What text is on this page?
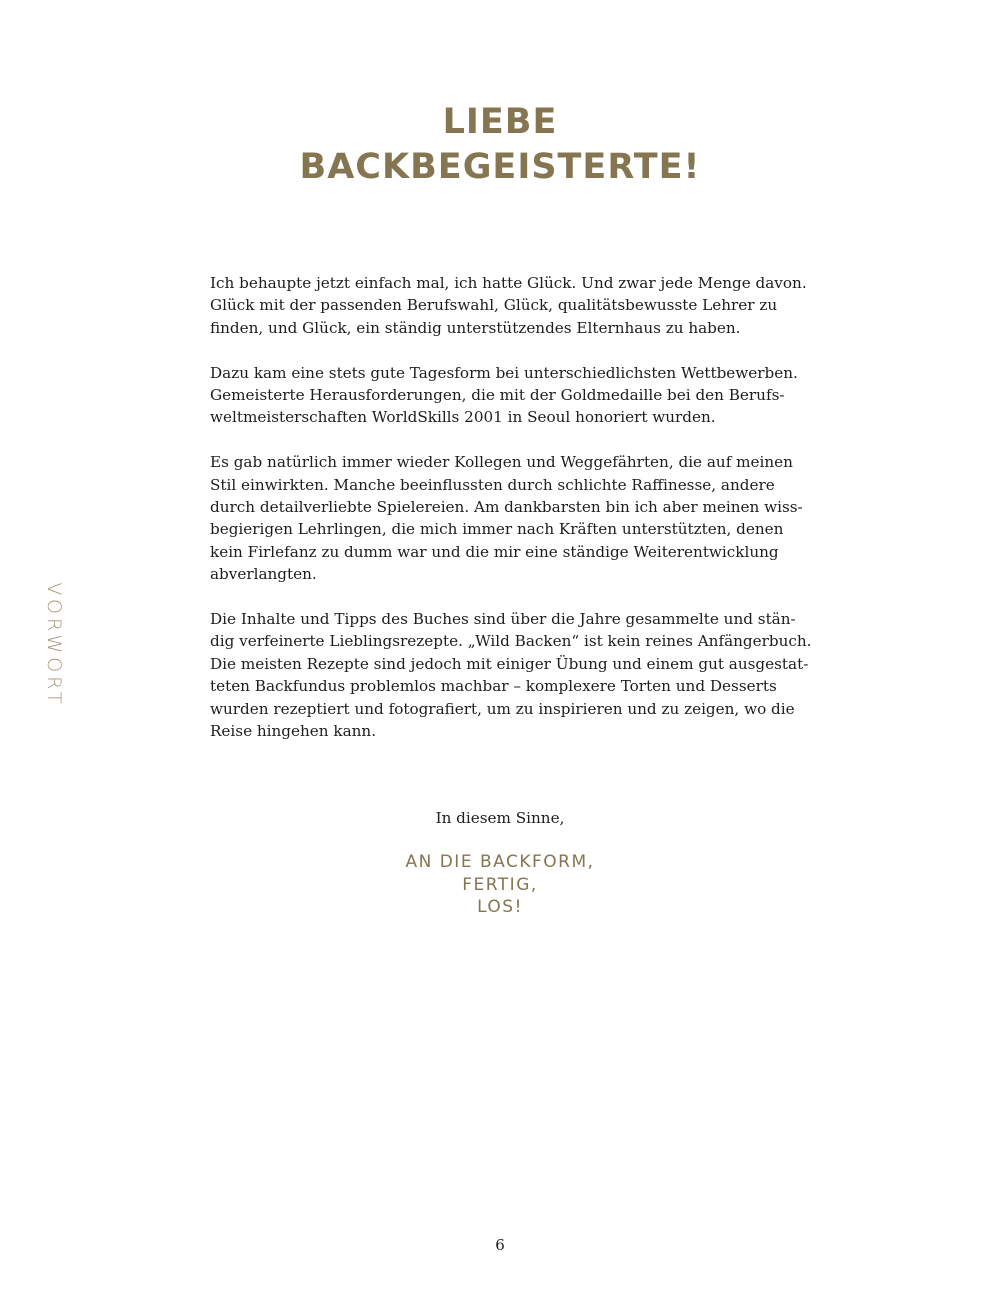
LIEBE
BACKBEGEISTERTE!
VORWORT

Ich behaupte jetzt einfach mal, ich hatte Glück. Und zwar jede Menge davon.
Glück mit der passenden Berufswahl, Glück, qualitätsbewusste Lehrer zu
finden, und Glück, ein ständig unterstützendes Elternhaus zu haben.

Dazu kam eine stets gute Tagesform bei unterschiedlichsten Wettbewerben.
Gemeisterte Herausforderungen, die mit der Goldmedaille bei den Berufs-
weltmeisterschaften WorldSkills 2001 in Seoul honoriert wurden.

Es gab natürlich immer wieder Kollegen und Weggefährten, die auf meinen
Stil einwirkten. Manche beeinflussten durch schlichte Raffinesse, andere
durch detailverliebte Spielereien. Am dankbarsten bin ich aber meinen wiss-
begierigen Lehrlingen, die mich immer nach Kräften unterstützten, denen
kein Firlefanz zu dumm war und die mir eine ständige Weiterentwicklung
abverlangten.

Die Inhalte und Tipps des Buches sind über die Jahre gesammelte und stän-
dig verfeinerte Lieblingsrezepte. „Wild Backen“ ist kein reines Anfängerbuch.
Die meisten Rezepte sind jedoch mit einiger Übung und einem gut ausgestat-
teten Backfundus problemlos machbar – komplexere Torten und Desserts
wurden rezeptiert und fotografiert, um zu inspirieren und zu zeigen, wo die
Reise hingehen kann.

In diesem Sinne,
AN DIE BACKFORM,
FERTIG,
LOS!
6
